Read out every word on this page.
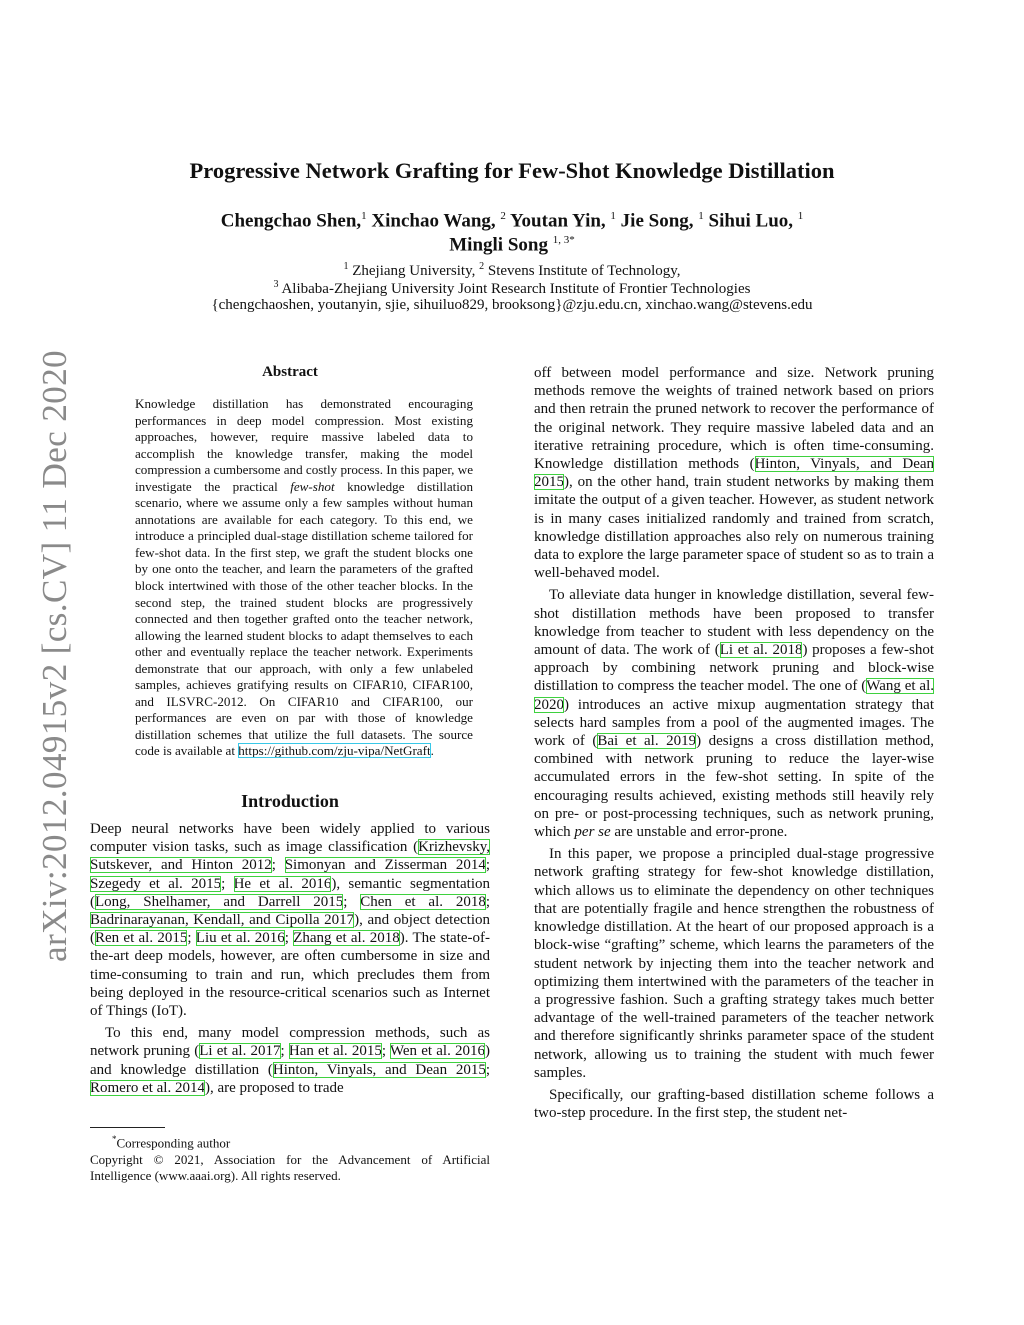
arXiv:2012.04915v2 [cs.CV] 11 Dec 2020
Progressive Network Grafting for Few-Shot Knowledge Distillation
Chengchao Shen,$^1$ Xinchao Wang, $^2$ Youtan Yin, $^1$ Jie Song, $^1$ Sihui Luo, $^1$
Mingli Song $^{1, 3*}$
$^1$ Zhejiang University, $^2$ Stevens Institute of Technology,
$^3$ Alibaba-Zhejiang University Joint Research Institute of Frontier Technologies
{chengchaoshen, youtanyin, sjie, sihuiluo829, brooksong}@zju.edu.cn, xinchao.wang@stevens.edu
Abstract
Knowledge distillation has demonstrated encouraging performances in deep model compression. Most existing approaches, however, require massive labeled data to accomplish the knowledge transfer, making the model compression a cumbersome and costly process. In this paper, we investigate the practical few-shot knowledge distillation scenario, where we assume only a few samples without human annotations are available for each category. To this end, we introduce a principled dual-stage distillation scheme tailored for few-shot data. In the first step, we graft the student blocks one by one onto the teacher, and learn the parameters of the grafted block intertwined with those of the other teacher blocks. In the second step, the trained student blocks are progressively connected and then together grafted onto the teacher network, allowing the learned student blocks to adapt themselves to each other and eventually replace the teacher network. Experiments demonstrate that our approach, with only a few unlabeled samples, achieves gratifying results on CIFAR10, CIFAR100, and ILSVRC-2012. On CIFAR10 and CIFAR100, our performances are even on par with those of knowledge distillation schemes that utilize the full datasets. The source code is available at https://github.com/zju-vipa/NetGraft.
Introduction

Deep neural networks have been widely applied to various computer vision tasks, such as image classification (Krizhevsky, Sutskever, and Hinton 2012; Simonyan and Zisserman 2014; Szegedy et al. 2015; He et al. 2016), semantic segmentation (Long, Shelhamer, and Darrell 2015; Chen et al. 2018; Badrinarayanan, Kendall, and Cipolla 2017), and object detection (Ren et al. 2015; Liu et al. 2016; Zhang et al. 2018). The state-of-the-art deep models, however, are often cumbersome in size and time-consuming to train and run, which precludes them from being deployed in the resource-critical scenarios such as Internet of Things (IoT).

To this end, many model compression methods, such as network pruning (Li et al. 2017; Han et al. 2015; Wen et al. 2016) and knowledge distillation (Hinton, Vinyals, and Dean 2015; Romero et al. 2014), are proposed to trade

*Corresponding author
Copyright © 2021, Association for the Advancement of Artificial Intelligence (www.aaai.org). All rights reserved.

off between model performance and size. Network pruning methods remove the weights of trained network based on priors and then retrain the pruned network to recover the performance of the original network. They require massive labeled data and an iterative retraining procedure, which is often time-consuming. Knowledge distillation methods (Hinton, Vinyals, and Dean 2015), on the other hand, train student networks by making them imitate the output of a given teacher. However, as student network is in many cases initialized randomly and trained from scratch, knowledge distillation approaches also rely on numerous training data to explore the large parameter space of student so as to train a well-behaved model.

To alleviate data hunger in knowledge distillation, several few-shot distillation methods have been proposed to transfer knowledge from teacher to student with less dependency on the amount of data. The work of (Li et al. 2018) proposes a few-shot approach by combining network pruning and block-wise distillation to compress the teacher model. The one of (Wang et al. 2020) introduces an active mixup augmentation strategy that selects hard samples from a pool of the augmented images. The work of (Bai et al. 2019) designs a cross distillation method, combined with network pruning to reduce the layer-wise accumulated errors in the few-shot setting. In spite of the encouraging results achieved, existing methods still heavily rely on pre- or post-processing techniques, such as network pruning, which per se are unstable and error-prone.

In this paper, we propose a principled dual-stage progressive network grafting strategy for few-shot knowledge distillation, which allows us to eliminate the dependency on other techniques that are potentially fragile and hence strengthen the robustness of knowledge distillation. At the heart of our proposed approach is a block-wise “grafting” scheme, which learns the parameters of the student network by injecting them into the teacher network and optimizing them intertwined with the parameters of the teacher in a progressive fashion. Such a grafting strategy takes much better advantage of the well-trained parameters of the teacher network and therefore significantly shrinks parameter space of the student network, allowing us to training the student with much fewer samples.

Specifically, our grafting-based distillation scheme follows a two-step procedure. In the first step, the student net-
